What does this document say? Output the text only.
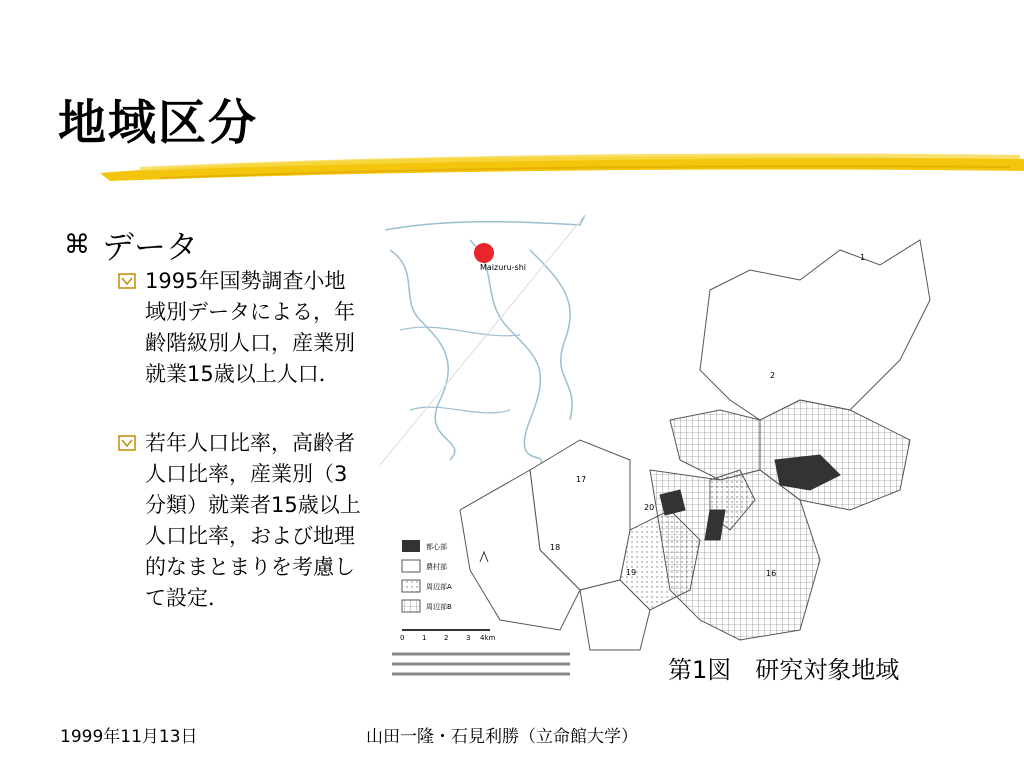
地域区分
⌘ データ
1995年国勢調査小地域別データによる，年齢階級別人口，産業別就業15歳以上人口．
若年人口比率，高齢者人口比率，産業別（3分類）就業者15歳以上人口比率，および地理的なまとまりを考慮して設定．
Maizuru-shi
2
1
17
18
19
20
16
都心部
農村部
周辺部A
周辺部B
0	1	2	3 4km
第1図　研究対象地域
1999年11月13日	山田一隆・石見利勝（立命館大学）
